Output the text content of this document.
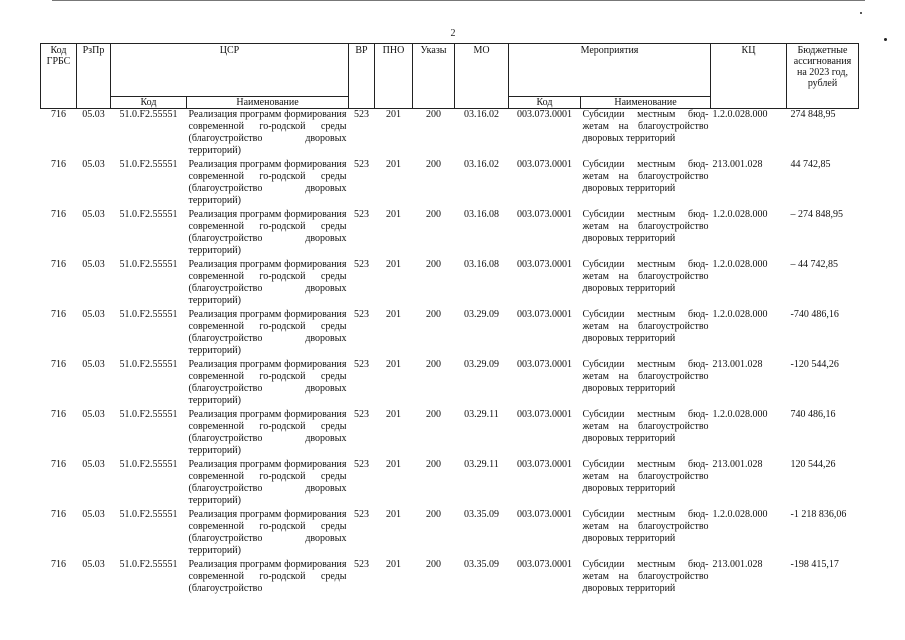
2
Код ГРБС	РзПр	ЦСР		ВР	ПНО	Указы	МО	Мероприятия		КЦ	Бюджетные ассигнования на 2023 год, рублей
		Код	Наименование					Код	Наименование		
716	05.03	51.0.F2.55551	Реализация программ формирования современной го-родской среды (благоустройство дворовых территорий)	523	201	200	03.16.02	003.073.0001	Субсидии местным бюд-жетам на благоустройство дворовых территорий	1.2.0.028.000	274 848,95
716	05.03	51.0.F2.55551	Реализация программ формирования современной го-родской среды (благоустройство дворовых территорий)	523	201	200	03.16.02	003.073.0001	Субсидии местным бюд-жетам на благоустройство дворовых территорий	213.001.028	44 742,85
716	05.03	51.0.F2.55551	Реализация программ формирования современной го-родской среды (благоустройство дворовых территорий)	523	201	200	03.16.08	003.073.0001	Субсидии местным бюд-жетам на благоустройство дворовых территорий	1.2.0.028.000	– 274 848,95
716	05.03	51.0.F2.55551	Реализация программ формирования современной го-родской среды (благоустройство дворовых территорий)	523	201	200	03.16.08	003.073.0001	Субсидии местным бюд-жетам на благоустройство дворовых территорий	1.2.0.028.000	– 44 742,85
716	05.03	51.0.F2.55551	Реализация программ формирования современной го-родской среды (благоустройство дворовых территорий)	523	201	200	03.29.09	003.073.0001	Субсидии местным бюд-жетам на благоустройство дворовых территорий	1.2.0.028.000	-740 486,16
716	05.03	51.0.F2.55551	Реализация программ формирования современной го-родской среды (благоустройство дворовых территорий)	523	201	200	03.29.09	003.073.0001	Субсидии местным бюд-жетам на благоустройство дворовых территорий	213.001.028	-120 544,26
716	05.03	51.0.F2.55551	Реализация программ формирования современной го-родской среды (благоустройство дворовых территорий)	523	201	200	03.29.11	003.073.0001	Субсидии местным бюд-жетам на благоустройство дворовых территорий	1.2.0.028.000	740 486,16
716	05.03	51.0.F2.55551	Реализация программ формирования современной го-родской среды (благоустройство дворовых территорий)	523	201	200	03.29.11	003.073.0001	Субсидии местным бюд-жетам на благоустройство дворовых территорий	213.001.028	120 544,26
716	05.03	51.0.F2.55551	Реализация программ формирования современной го-родской среды (благоустройство дворовых территорий)	523	201	200	03.35.09	003.073.0001	Субсидии местным бюд-жетам на благоустройство дворовых территорий	1.2.0.028.000	-1 218 836,06
716	05.03	51.0.F2.55551	Реализация программ формирования современной го-родской среды (благоустройство	523	201	200	03.35.09	003.073.0001	Субсидии местным бюд-жетам на благоустройство дворовых территорий	213.001.028	-198 415,17
